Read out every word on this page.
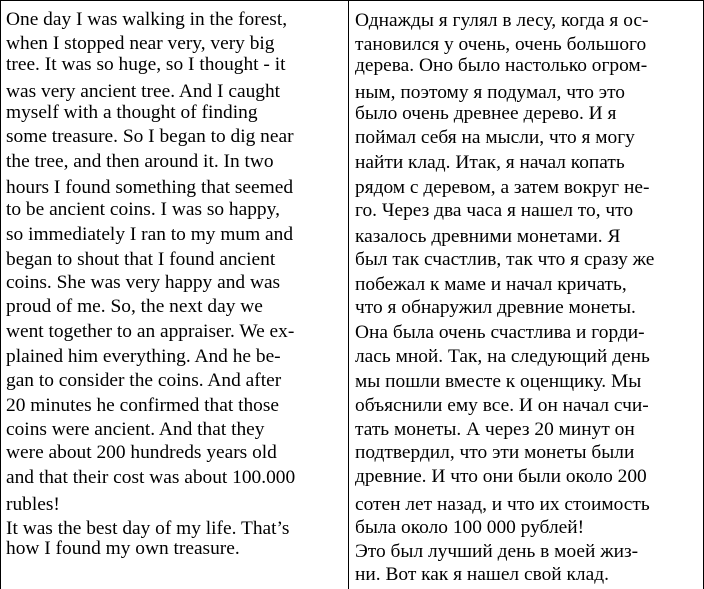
One day I was walking in the forest,
when I stopped near very, very big
tree. It was so huge, so I thought - it
was very ancient tree. And I caught
myself with a thought of finding
some treasure. So I began to dig near
the tree, and then around it. In two
hours I found something that seemed
to be ancient coins. I was so happy,
so immediately I ran to my mum and
began to shout that I found ancient
coins. She was very happy and was
proud of me. So, the next day we
went together to an appraiser. We ex-
plained him everything. And he be-
gan to consider the coins. And after
20 minutes he confirmed that those
coins were ancient. And that they
were about 200 hundreds years old
and that their cost was about 100.000
rubles!
It was the best day of my life. That’s
how I found my own treasure.
Однажды я гулял в лесу, когда я ос-
тановился у очень, очень большого
дерева. Оно было настолько огром-
ным, поэтому я подумал, что это
было очень древнее дерево. И я
поймал себя на мысли, что я могу
найти клад. Итак, я начал копать
рядом с деревом, а затем вокруг не-
го. Через два часа я нашел то, что
казалось древними монетами. Я
был так счастлив, так что я сразу же
побежал к маме и начал кричать,
что я обнаружил древние монеты.
Она была очень счастлива и горди-
лась мной. Так, на следующий день
мы пошли вместе к оценщику. Мы
объяснили ему все. И он начал счи-
тать монеты. А через 20 минут он
подтвердил, что эти монеты были
древние. И что они были около 200
сотен лет назад, и что их стоимость
была около 100 000 рублей!
Это был лучший день в моей жиз-
ни. Вот как я нашел свой клад.
